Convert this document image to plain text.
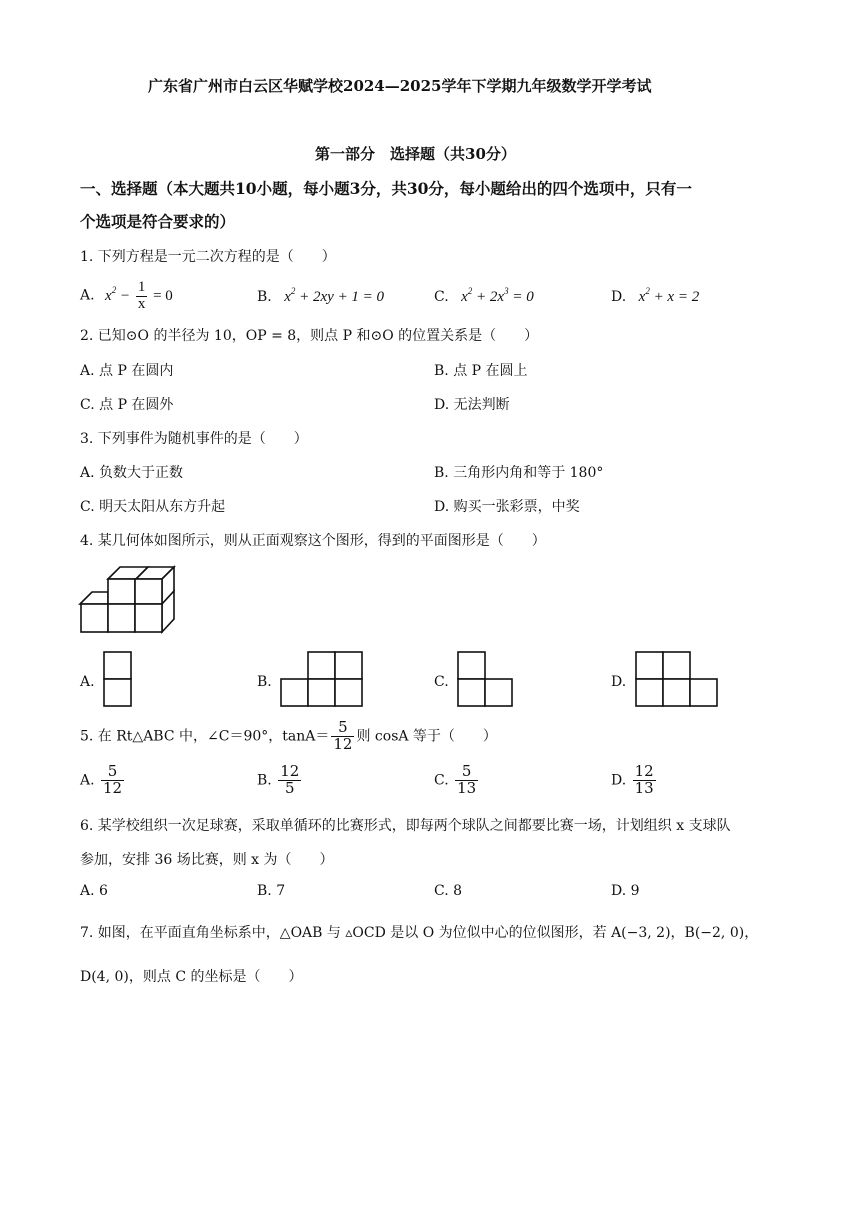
广东省广州市白云区华赋学校2024—2025学年下学期九年级数学开学考试
第一部分　选择题（共30分）
一、选择题（本大题共10小题，每小题3分，共30分，每小题给出的四个选项中，只有一
个选项是符合要求的）
1. 下列方程是一元二次方程的是（　　）
A. $x^2 - \frac{1}{x} = 0$	B. $x^2 + 2xy + 1 = 0$	C. $x^2 + 2x^3 = 0$	D. $x^2 + x = 2$
2. 已知⊙O 的半径为 10，OP = 8，则点 P 和⊙O 的位置关系是（　　）
A. 点 P 在圆内	B. 点 P 在圆上
C. 点 P 在圆外	D. 无法判断
3. 下列事件为随机事件的是（　　）
A. 负数大于正数	B. 三角形内角和等于 180°
C. 明天太阳从东方升起	D. 购买一张彩票，中奖
4. 某几何体如图所示，则从正面观察这个图形，得到的平面图形是（　　）
A.	B.	C.	D.
5. 在 Rt△ABC 中，∠C＝90°，$\tan A= \frac{5}{12}$ 则 cosA 等于（　　）
A. $\frac{5}{12}$	B. $\frac{12}{5}$	C. $\frac{5}{13}$	D. $\frac{12}{13}$
6. 某学校组织一次足球赛，采取单循环的比赛形式，即每两个球队之间都要比赛一场，计划组织 x 支球队
参加，安排 36 场比赛，则 x 为（　　）
A. 6	B. 7	C. 8	D. 9
7. 如图，在平面直角坐标系中，△OAB 与 ▵OCD 是以 O 为位似中心的位似图形，若 A(−3, 2)，B(−2, 0)，
D(4, 0)，则点 C 的坐标是（　　）
